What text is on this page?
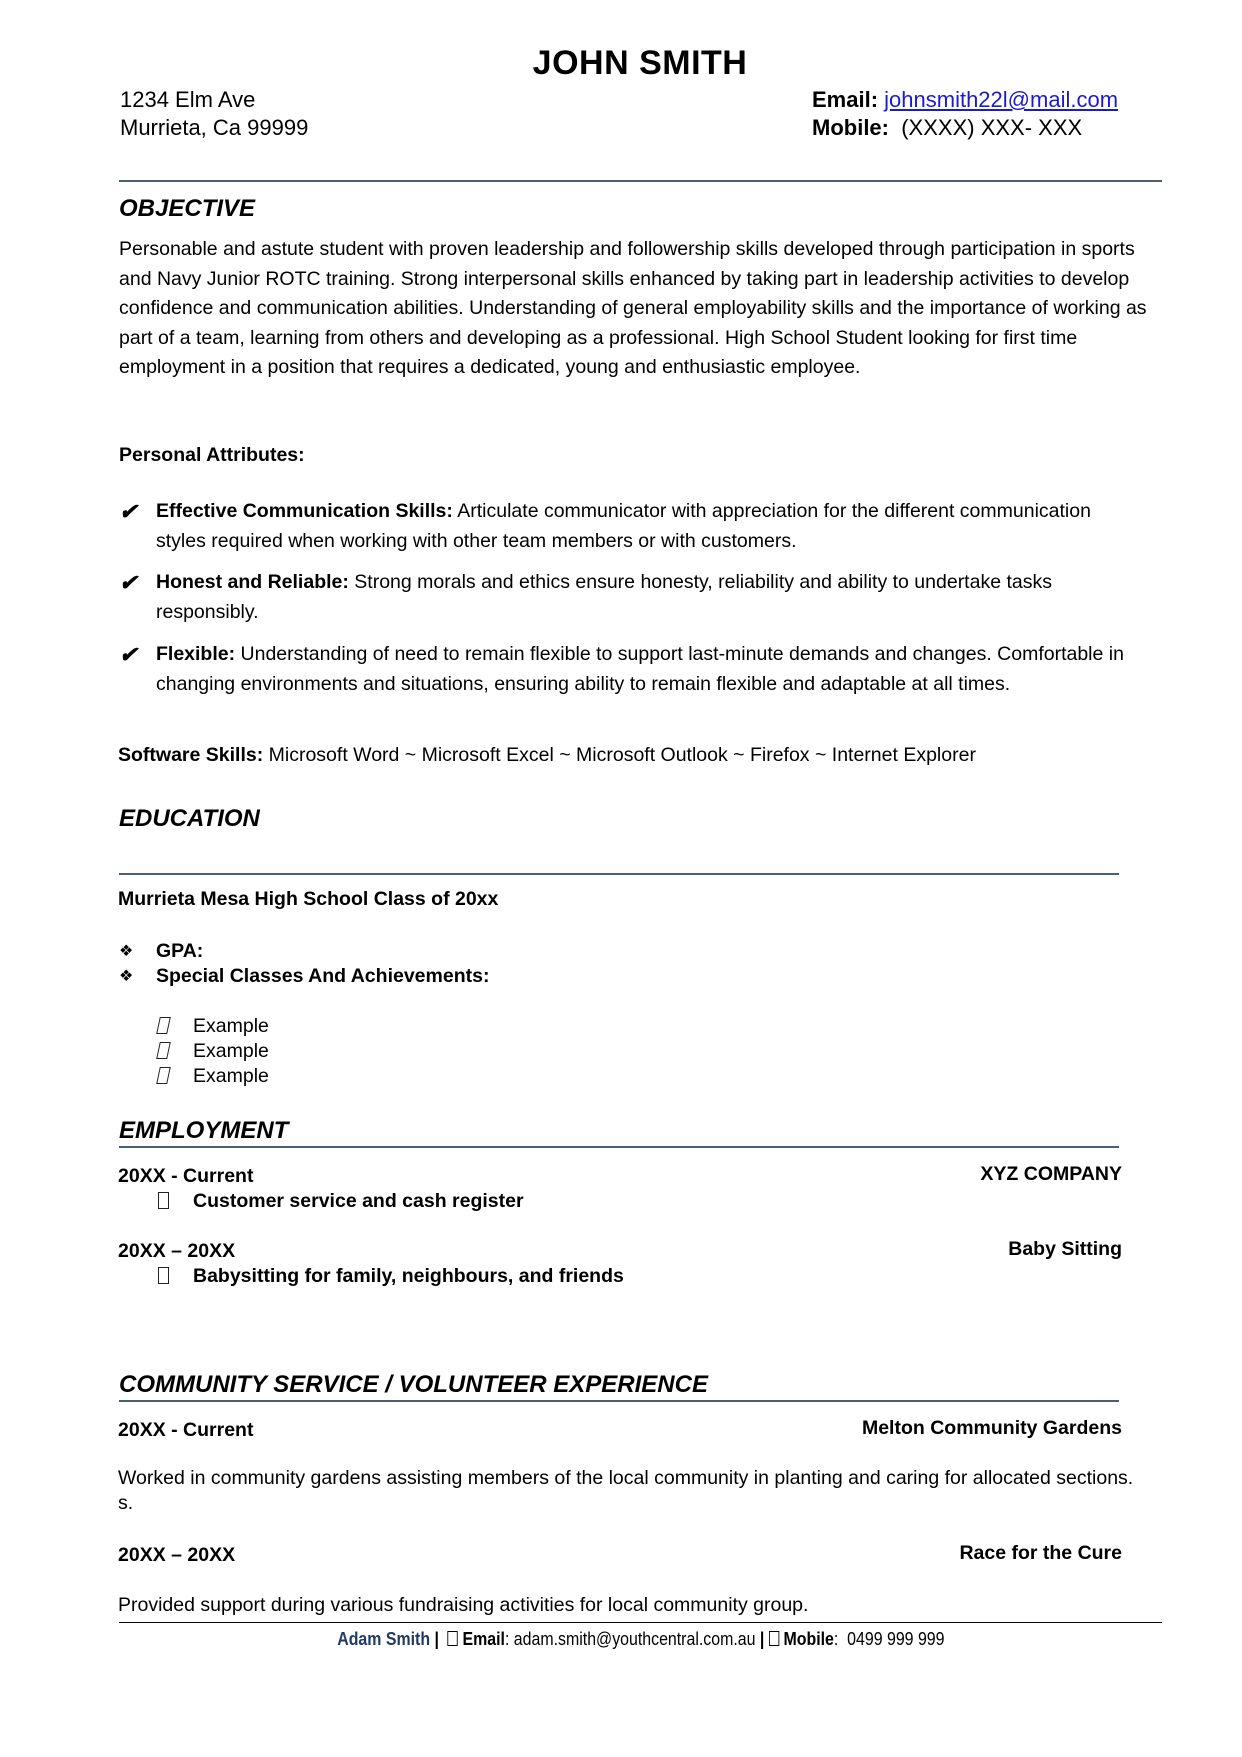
JOHN SMITH
1234 Elm Ave
Murrieta, Ca 99999
Email: johnsmith22l@mail.com
Mobile: (XXXX) XXX- XXX
OBJECTIVE
Personable and astute student with proven leadership and followership skills developed through participation in sports and Navy Junior ROTC training. Strong interpersonal skills enhanced by taking part in leadership activities to develop confidence and communication abilities. Understanding of general employability skills and the importance of working as part of a team, learning from others and developing as a professional. High School Student looking for first time employment in a position that requires a dedicated, young and enthusiastic employee.
Personal Attributes:
✔ Effective Communication Skills: Articulate communicator with appreciation for the different communication styles required when working with other team members or with customers.
✔ Honest and Reliable: Strong morals and ethics ensure honesty, reliability and ability to undertake tasks responsibly.
✔ Flexible: Understanding of need to remain flexible to support last-minute demands and changes. Comfortable in changing environments and situations, ensuring ability to remain flexible and adaptable at all times.
Software Skills: Microsoft Word ~ Microsoft Excel ~ Microsoft Outlook ~ Firefox ~ Internet Explorer
EDUCATION
Murrieta Mesa High School Class of 20xx
❖ GPA:
❖ Special Classes And Achievements:
Example
Example
Example
EMPLOYMENT
20XX - Current	XYZ COMPANY
Customer service and cash register
20XX – 20XX	Baby Sitting
Babysitting for family, neighbours, and friends
COMMUNITY SERVICE / VOLUNTEER EXPERIENCE
20XX - Current	Melton Community Gardens
Worked in community gardens assisting members of the local community in planting and caring for allocated sections. s.
20XX – 20XX	Race for the Cure
Provided support during various fundraising activities for local community group.
Adam Smith | Email: adam.smith@youthcentral.com.au | Mobile:  0499 999 999
